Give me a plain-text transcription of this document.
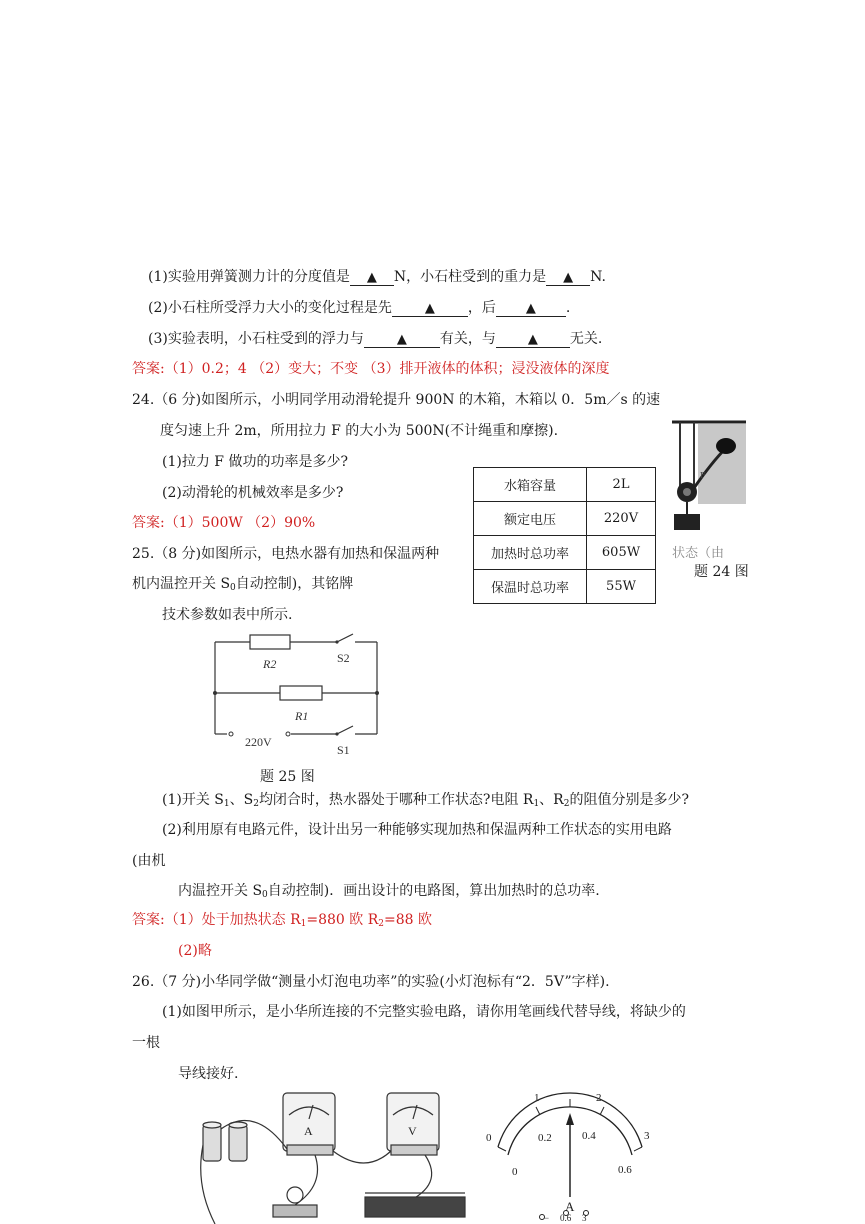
(1)实验用弹簧测力计的分度值是 ▲ N，小石柱受到的重力是 ▲ N.
(2)小石柱所受浮力大小的变化过程是先	▲ ，后 ▲ .
(3)实验表明，小石柱受到的浮力与	▲ 有关，与 ▲ 无关.
答案:（1）0.2；4 （2）变大；不变 （3）排开液体的体积；浸没液体的深度
24.（6 分)如图所示，小明同学用动滑轮提升 900N 的木箱，木箱以 0．5m／s 的速
度匀速上升 2m，所用拉力 F 的大小为 500N(不计绳重和摩擦).
(1)拉力 F 做功的功率是多少?
(2)动滑轮的机械效率是多少?
答案:（1）500W （2）90%
F
状态（由
题 24 图
25.（8 分)如图所示，电热水器有加热和保温两种
机内温控开关 $S_0$自动控制)，其铭牌
技术参数如表中所示.
水箱容量	2L
额定电压	220V
加热时总功率	605W
保温时总功率	55W
R2	S2
R1
220V
S1
题 25 图
(1)开关 $S_1$、$S_2$均闭合时，热水器处于哪种工作状态?电阻 $R_1$、$R_2$的阻值分别是多少?
(2)利用原有电路元件，设计出另一种能够实现加热和保温两种工作状态的实用电路
(由机
内温控开关 $S_0$自动控制)．画出设计的电路图，算出加热时的总功率.
答案:（1）处于加热状态 $R_1=880$ 欧 $R_2=88$ 欧
(2)略
26.（7 分)小华同学做“测量小灯泡电功率”的实验(小灯泡标有“2．5V”字样).
(1)如图甲所示，是小华所连接的不完整实验电路，请你用笔画线代替导线，将缺少的
一根
导线接好.
A	V	0
1	2
3
0
0.2	0.4
0.6
A
− 0.6 3
